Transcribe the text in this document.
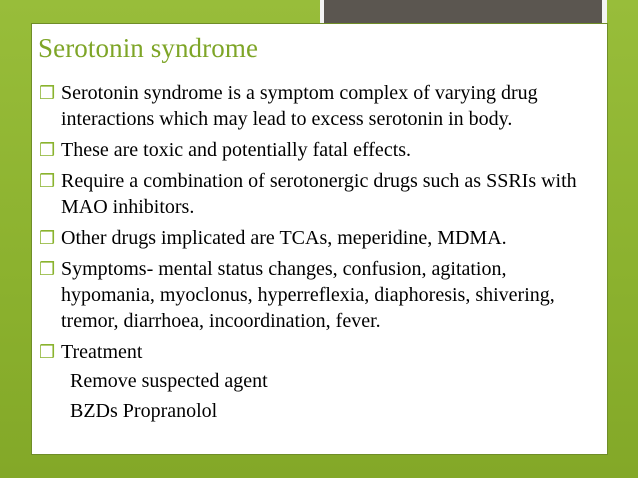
Serotonin syndrome
❒ Serotonin syndrome is a symptom complex of varying drug interactions which may lead to excess serotonin in body.
❒ These are toxic and potentially fatal effects.
❒ Require a combination of serotonergic drugs such as SSRIs with MAO inhibitors.
❒ Other drugs implicated are TCAs, meperidine, MDMA.
❒ Symptoms- mental status changes, confusion, agitation, hypomania, myoclonus, hyperreflexia, diaphoresis, shivering, tremor, diarrhoea, incoordination, fever.
❒ Treatment
Remove suspected agent
BZDs Propranolol
